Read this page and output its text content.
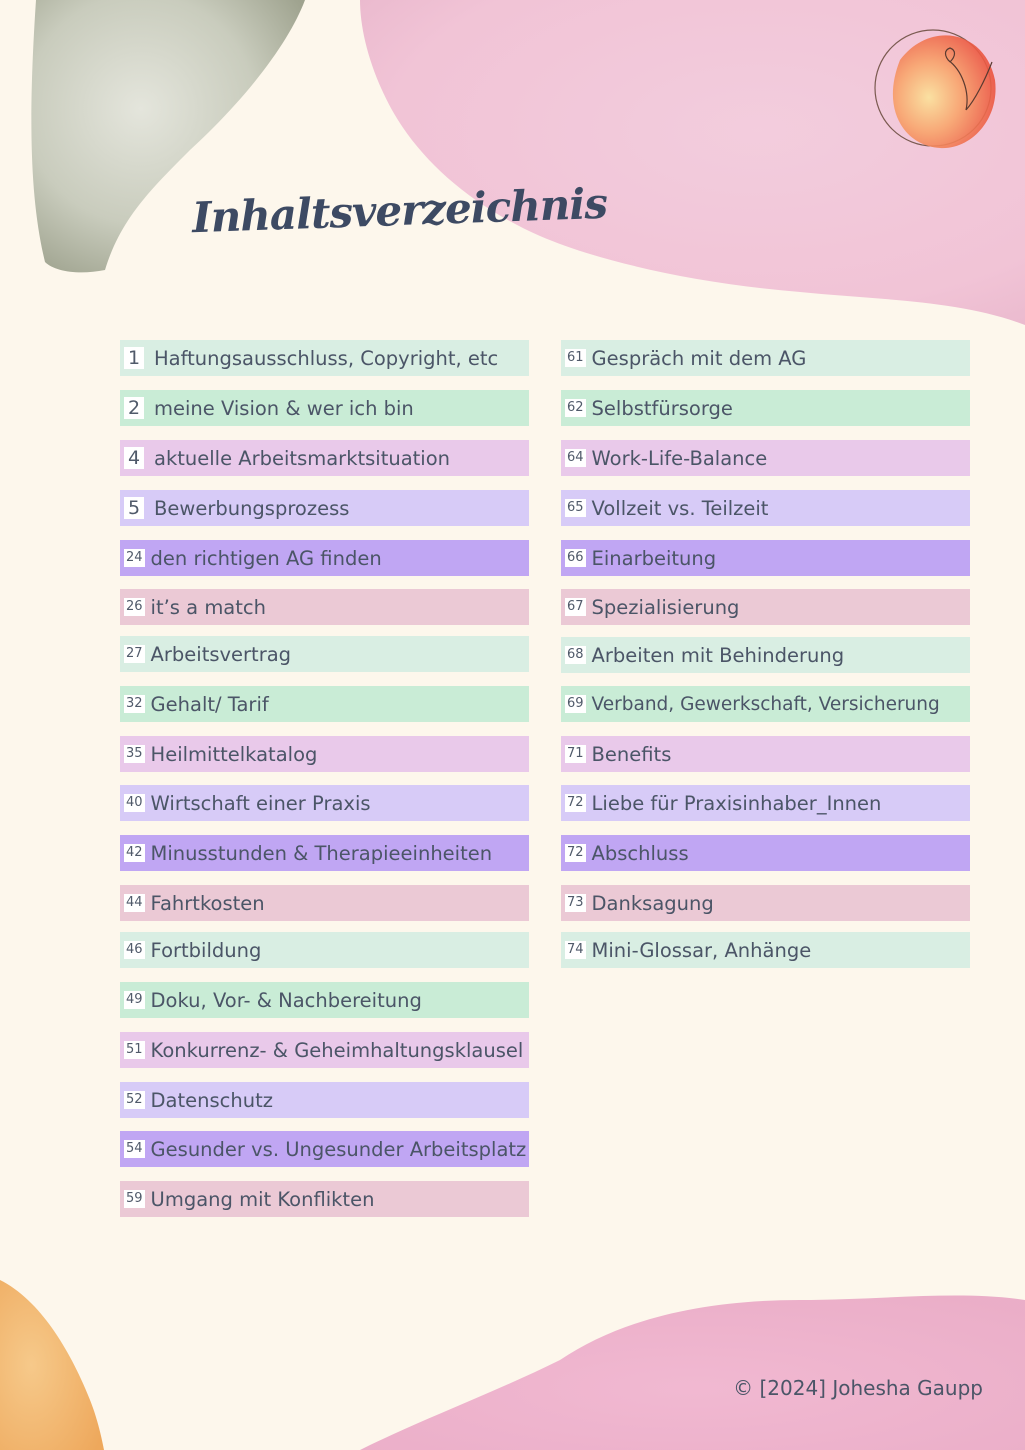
Inhaltsverzeichnis
1 Haftungsausschluss, Copyright, etc
2 meine Vision & wer ich bin
4 aktuelle Arbeitsmarktsituation
5 Bewerbungsprozess
24 den richtigen AG finden
26 it’s a match
27 Arbeitsvertrag
32 Gehalt/ Tarif
35 Heilmittelkatalog
40 Wirtschaft einer Praxis
42 Minusstunden & Therapieeinheiten
44 Fahrtkosten
46 Fortbildung
49 Doku, Vor- & Nachbereitung
51 Konkurrenz- & Geheimhaltungsklausel
52 Datenschutz
54 Gesunder vs. Ungesunder Arbeitsplatz
59 Umgang mit Konflikten
61 Gespräch mit dem AG
62 Selbstfürsorge
64 Work-Life-Balance
65 Vollzeit vs. Teilzeit
66 Einarbeitung
67 Spezialisierung
68 Arbeiten mit Behinderung
69 Verband, Gewerkschaft, Versicherung
71 Benefits
72 Liebe für Praxisinhaber_Innen
72 Abschluss
73 Danksagung
74 Mini-Glossar, Anhänge
© [2024] Johesha Gaupp
